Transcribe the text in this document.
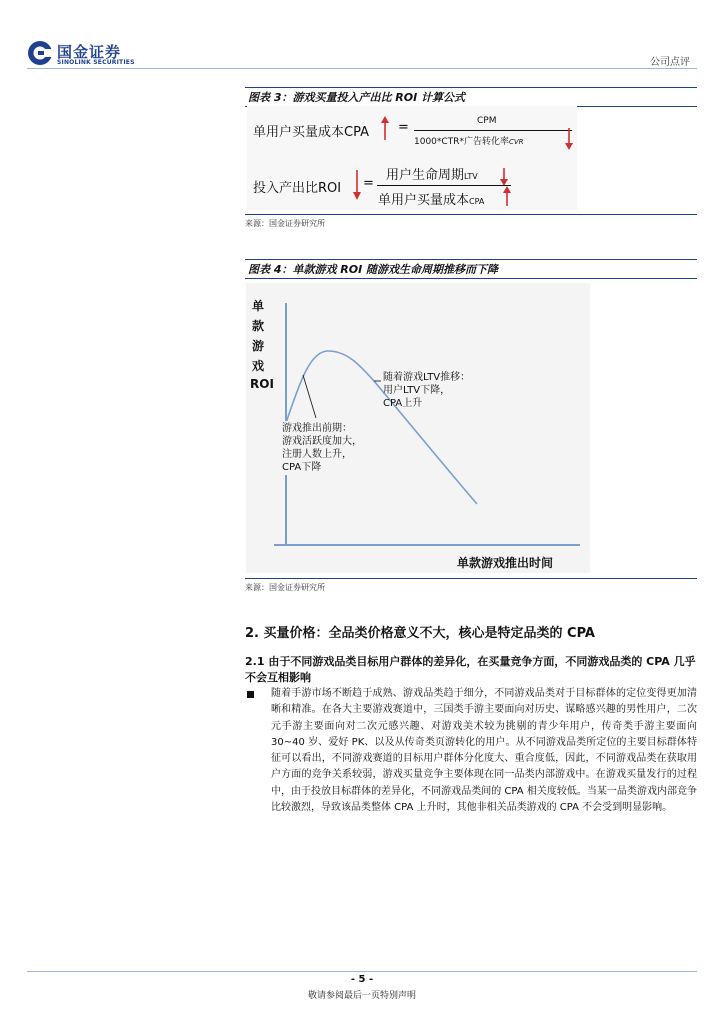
国金证券
SINOLINK SECURITIES	公司点评
图表 3：游戏买量投入产出比 ROI 计算公式
单用户买量成本CPA =	CPM
1000*CTR*广告转化率CVR
投入产出比ROI =
用户生命周期LTV
单用户买量成本CPA
来源：国金证券研究所
图表 4：单款游戏 ROI 随游戏生命周期推移而下降
单
款
游
戏
ROI	随着游戏LTV推移：
用户LTV下降，
CPA上升
游戏推出前期：
游戏活跃度加大，
注册人数上升，
CPA下降
单款游戏推出时间
来源：国金证券研究所
2. 买量价格：全品类价格意义不大，核心是特定品类的 CPA
2.1 由于不同游戏品类目标用户群体的差异化，在买量竞争方面，不同游戏品类的 CPA 几乎不会互相影响
随着手游市场不断趋于成熟、游戏品类趋于细分，不同游戏品类对于目标群体的定位变得更加清晰和精准。在各大主要游戏赛道中，三国类手游主要面向对历史、谋略感兴趣的男性用户，二次元手游主要面向对二次元感兴趣、对游戏美术较为挑剔的青少年用户，传奇类手游主要面向 30~40 岁、爱好 PK、以及从传奇类页游转化的用户。从不同游戏品类所定位的主要目标群体特征可以看出，不同游戏赛道的目标用户群体分化度大、重合度低，因此，不同游戏品类在获取用户方面的竞争关系较弱，游戏买量竞争主要体现在同一品类内部游戏中。在游戏买量发行的过程中，由于投放目标群体的差异化，不同游戏品类间的 CPA 相关度较低。当某一品类游戏内部竞争比较激烈，导致该品类整体 CPA 上升时，其他非相关品类游戏的 CPA 不会受到明显影响。
- 5 -
敬请参阅最后一页特别声明
